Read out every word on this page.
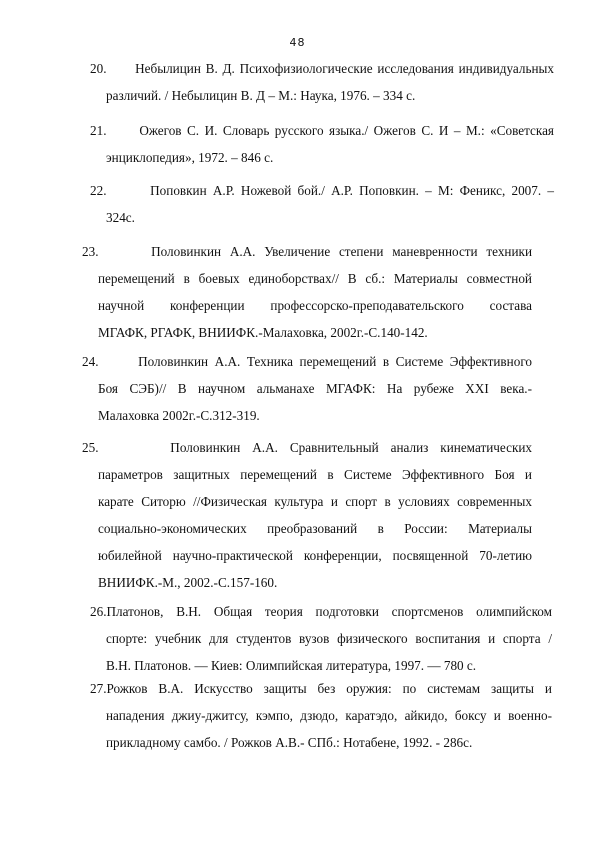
48
20.      Небылицин В. Д. Психофизиологические исследования индивидуальных
различий. / Небылицин В. Д – М.: Наука, 1976. – 334 с.
21.      Ожегов С. И. Словарь русского языка./ Ожегов С. И – М.: «Советская
энциклопедия», 1972. – 846 с.
22.       Поповкин А.Р. Ножевой бой./ А.Р. Поповкин. – М: Феникс, 2007. –
324с.
23.      Половинкин А.А. Увеличение степени маневренности техники
перемещений в боевых единоборствах// В сб.: Материалы совместной
научной конференции профессорско-преподавательского состава
МГАФК, РГАФК, ВНИИФК.-Малаховка, 2002г.-С.140-142.
24.      Половинкин А.А. Техника перемещений в Системе Эффективного
Боя СЭБ)// В научном альманахе МГАФК: На рубеже XXI века.-
Малаховка 2002г.-С.312-319.
25.      Половинкин А.А. Сравнительный анализ кинематических
параметров защитных перемещений в Системе Эффективного Боя и
карате Ситорю //Физическая культура и спорт в условиях современных
социально-экономических преобразований в России: Материалы
юбилейной научно-практической конференции, посвященной 70-летию
ВНИИФК.-М., 2002.-С.157-160.
26.Платонов, В.Н. Общая теория подготовки спортсменов олимпийском
спорте: учебник для студентов вузов физического воспитания и спорта /
В.Н. Платонов. — Киев: Олимпийская литература, 1997. — 780 с.
27.Рожков В.А. Искусство защиты без оружия: по системам защиты и
нападения джиу-джитсу, кэмпо, дзюдо, каратэдо, айкидо, боксу и военно-
прикладному самбо. / Рожков А.В.- СПб.: Нотабене, 1992. - 286с.
